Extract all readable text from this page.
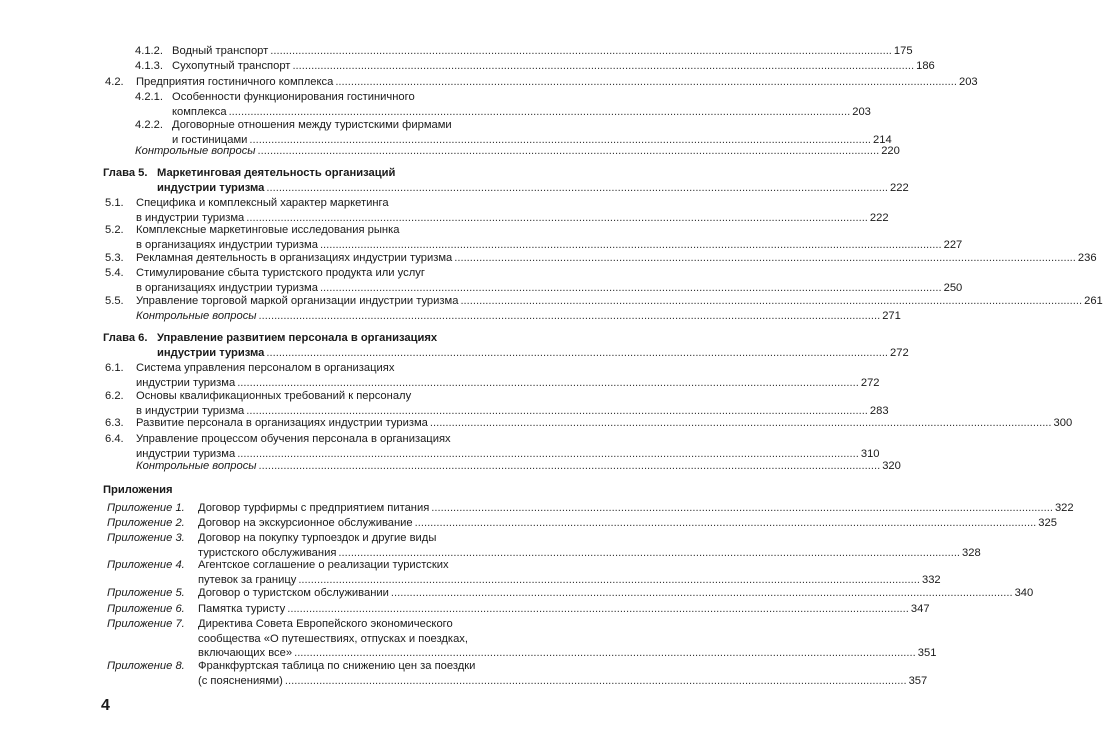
4.1.2. Водный транспорт ........................................................................................................................................................................................................ 175
4.1.3. Сухопутный транспорт ........................................................................................................................................................................................................ 186
4.2. Предприятия гостиничного комплекса ........................................................................................................................................................................................................ 203
4.2.1. Особенности функционирования гостиничного
комплекса ........................................................................................................................................................................................................ 203
4.2.2. Договорные отношения между туристскими фирмами
и гостиницами ........................................................................................................................................................................................................ 214
Контрольные вопросы ........................................................................................................................................................................................................ 220
Глава 5. Маркетинговая деятельность организаций
индустрии туризма ........................................................................................................................................................................................................ 222
5.1. Специфика и комплексный характер маркетинга
в индустрии туризма ........................................................................................................................................................................................................ 222
5.2. Комплексные маркетинговые исследования рынка
в организациях индустрии туризма ........................................................................................................................................................................................................ 227
5.3. Рекламная деятельность в организациях индустрии туризма ........................................................................................................................................................................................................ 236
5.4. Стимулирование сбыта туристского продукта или услуг
в организациях индустрии туризма ........................................................................................................................................................................................................ 250
5.5. Управление торговой маркой организации индустрии туризма ........................................................................................................................................................................................................ 261
Контрольные вопросы ........................................................................................................................................................................................................ 271
Глава 6. Управление развитием персонала в организациях
индустрии туризма ........................................................................................................................................................................................................ 272
6.1. Система управления персоналом в организациях
индустрии туризма ........................................................................................................................................................................................................ 272
6.2. Основы квалификационных требований к персоналу
в индустрии туризма ........................................................................................................................................................................................................ 283
6.3. Развитие персонала в организациях индустрии туризма ........................................................................................................................................................................................................ 300
6.4. Управление процессом обучения персонала в организациях
индустрии туризма ........................................................................................................................................................................................................ 310
Контрольные вопросы ........................................................................................................................................................................................................ 320
Приложения
Приложение 1. Договор турфирмы с предприятием питания ........................................................................................................................................................................................................ 322
Приложение 2. Договор на экскурсионное обслуживание ........................................................................................................................................................................................................ 325
Приложение 3. Договор на покупку турпоездок и другие виды
туристского обслуживания ........................................................................................................................................................................................................ 328
Приложение 4. Агентское соглашение о реализации туристских
путевок за границу ........................................................................................................................................................................................................ 332
Приложение 5. Договор о туристском обслуживании ........................................................................................................................................................................................................ 340
Приложение 6. Памятка туристу ........................................................................................................................................................................................................ 347
Приложение 7. Директива Совета Европейского экономического
сообщества «О путешествиях, отпусках и поездках,
включающих все» ........................................................................................................................................................................................................ 351
Приложение 8. Франкфуртская таблица по снижению цен за поездки
(с пояснениями) ........................................................................................................................................................................................................ 357
4
